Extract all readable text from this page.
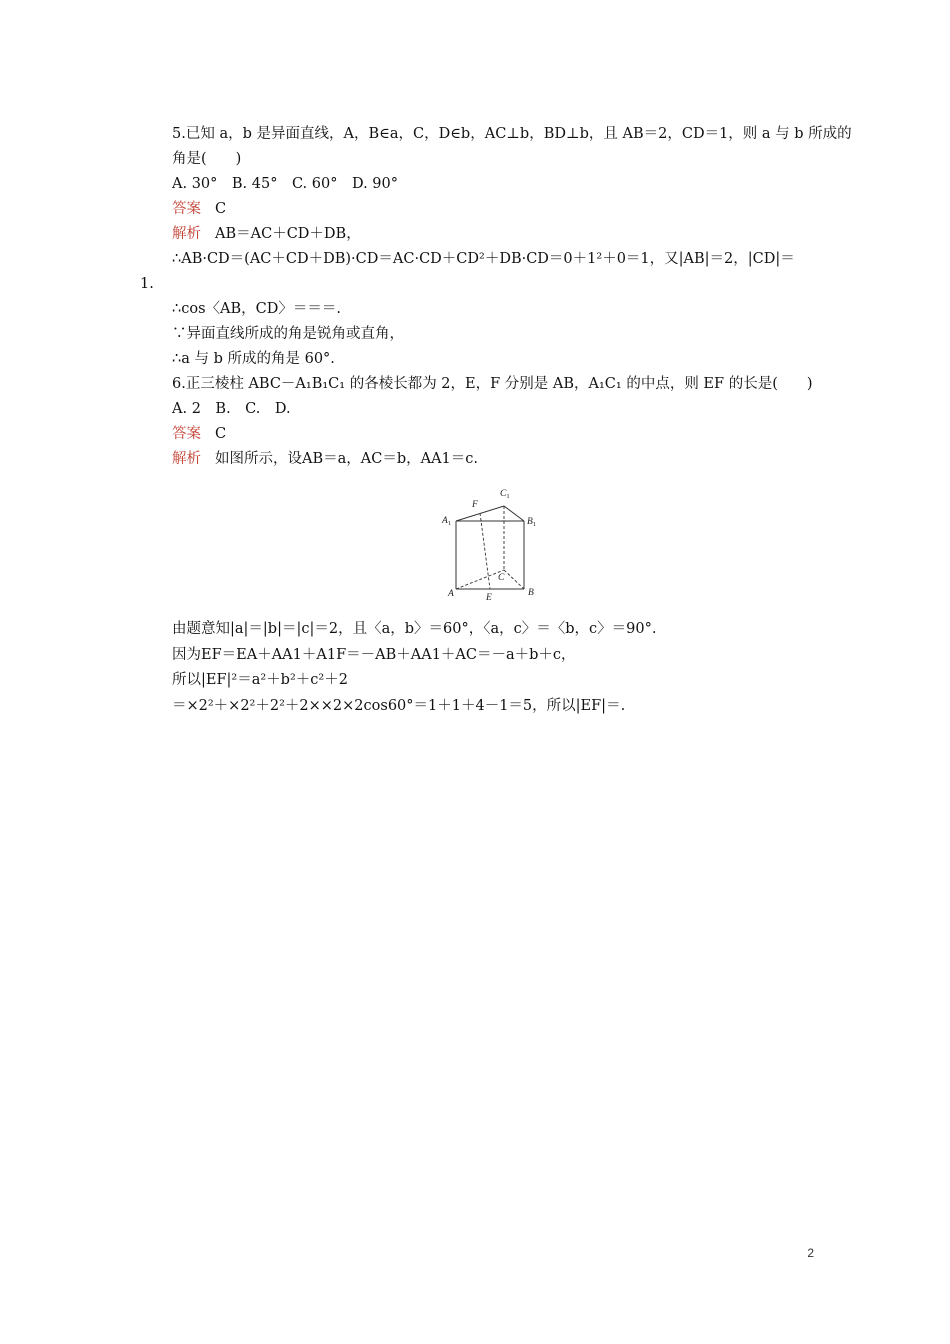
5.已知 a，b 是异面直线，A，B∈a，C，D∈b，AC⊥b，BD⊥b，且 AB＝2，CD＝1，则 a 与 b 所成的
角是(　　)
A. 30°　B. 45°　C. 60°　D. 90°
答案 C
解析 AB＝AC＋CD＋DB，
∴AB·CD＝(AC＋CD＋DB)·CD＝AC·CD＋CD²＋DB·CD＝0＋1²＋0＝1，又|AB|＝2，|CD|＝
1.
∴cos〈AB，CD〉＝＝＝.
∵异面直线所成的角是锐角或直角，
∴a 与 b 所成的角是 60°.
6.正三棱柱 ABC－A₁B₁C₁ 的各棱长都为 2，E，F 分别是 AB，A₁C₁ 的中点，则 EF 的长是(　　)
A. 2　B.　C.　D.
答案 C
解析 如图所示，设AB＝a，AC＝b，AA1＝c.
$A_1$	$B_1$
$C_1$
F
A	B
C
E
由题意知|a|＝|b|＝|c|＝2，且〈a，b〉＝60°，〈a，c〉＝〈b，c〉＝90°.
因为EF＝EA＋AA1＋A1F＝－AB＋AA1＋AC＝－a＋b＋c，
所以|EF|²＝a²＋b²＋c²＋2
＝×2²＋×2²＋2²＋2××2×2cos60°＝1＋1＋4－1＝5，所以|EF|＝.
2
